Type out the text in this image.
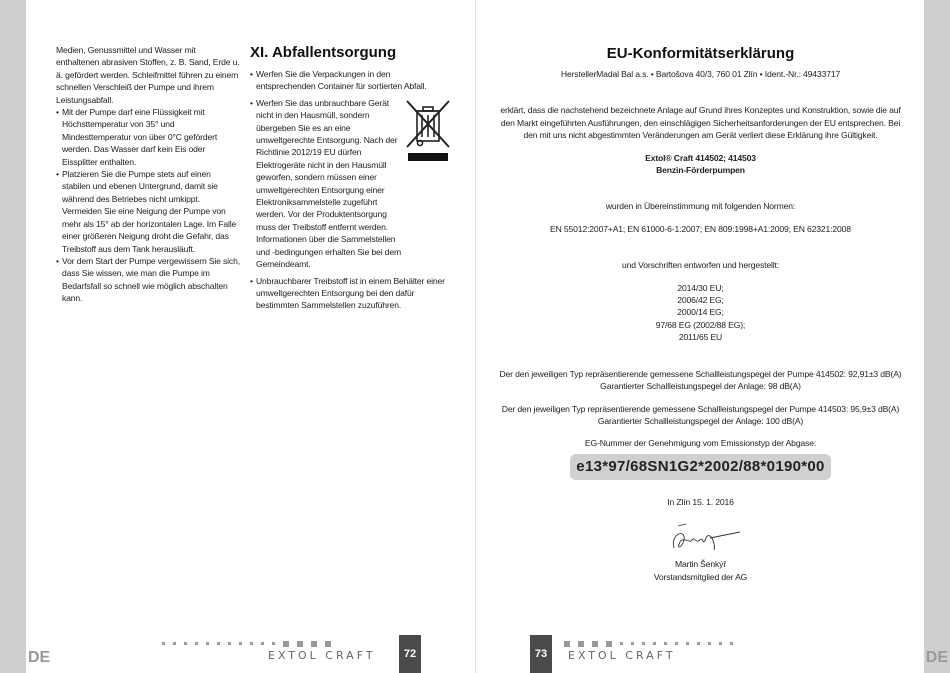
Medien, Genussmittel und Wasser mit enthaltenen abrasiven Stoffen, z. B. Sand, Erde u. ä. gefördert werden. Schleifmittel führen zu einem schnellen Verschleiß der Pumpe und ihrem Leistungsabfall.

• Mit der Pumpe darf eine Flüssigkeit mit Höchsttemperatur von 35° und Mindesttemperatur von über 0°C gefördert werden. Das Wasser darf kein Eis oder Eissplitter enthalten.

• Platzieren Sie die Pumpe stets auf einen stabilen und ebenen Untergrund, damit sie während des Betriebes nicht umkippt. Vermeiden Sie eine Neigung der Pumpe von mehr als 15° ab der horizontalen Lage. Im Falle einer größeren Neigung droht die Gefahr, das Treibstoff aus dem Tank herausläuft.

• Vor dem Start der Pumpe vergewissern Sie sich, dass Sie wissen, wie man die Pumpe im Bedarfsfall so schnell wie möglich abschalten kann.

XI. Abfallentsorgung

• Werfen Sie die Verpackungen in den entsprechenden Container für sortierten Abfall.

• Werfen Sie das unbrauchbare Gerät nicht in den Hausmüll, sondern übergeben Sie es an eine umweltgerechte Entsorgung. Nach der Richtlinie 2012/19 EU dürfen Elektrogeräte nicht in den Hausmüll geworfen, sondern müssen einer umweltgerechten Entsorgung einer Elektroniksammelstelle zugeführt werden. Vor der Produktentsorgung muss der Treibstoff entfernt werden. Informationen über die Sammelstellen und -bedingungen erhalten Sie bei dem Gemeindeamt.

• Unbrauchbarer Treibstoff ist in einem Behälter einer umweltgerechten Entsorgung bei den dafür bestimmten Sammelstellen zuzuführen.

DE	EXTOL CRAFT	72
EU-Konformitätserklärung

HerstellerMadal Bal a.s. • Bartošova 40/3, 760 01 Zlín • Ident.-Nr.: 49433717

erklärt, dass die nachstehend bezeichnete Anlage auf Grund ihres Konzeptes und Konstruktion, sowie die auf den Markt eingeführten Ausführungen, den einschlägigen Sicherheitsanforderungen der EU entsprechen. Bei den mit uns nicht abgestimmten Veränderungen am Gerät verliert diese Erklärung ihre Gültigkeit.

Extol® Craft 414502; 414503

Benzin-Förderpumpen

wurden in Übereinstimmung mit folgenden Normen:

EN 55012:2007+A1; EN 61000-6-1:2007; EN 809:1998+A1:2009; EN 62321:2008

und Vorschriften entworfen und hergestellt:

2014/30 EU;

2006/42 EG;

2000/14 EG;

97/68 EG (2002/88 EG);

2011/65 EU

Der den jeweiligen Typ repräsentierende gemessene Schallleistungspegel der Pumpe 414502: 92,91±3 dB(A)

Garantierter Schallleistungspegel der Anlage: 98 dB(A)

Der den jeweiligen Typ repräsentierende gemessene Schallleistungspegel der Pumpe 414503: 95,9±3 dB(A)

Garantierter Schallleistungspegel der Anlage: 100 dB(A)

EG-Nummer der Genehmigung vom Emissionstyp der Abgase:

e13*97/68SN1G2*2002/88*0190*00

In Zlín 15. 1. 2016

Martin Šenkýř

Vorstandsmitglied der AG

73	EXTOL CRAFT	DE
